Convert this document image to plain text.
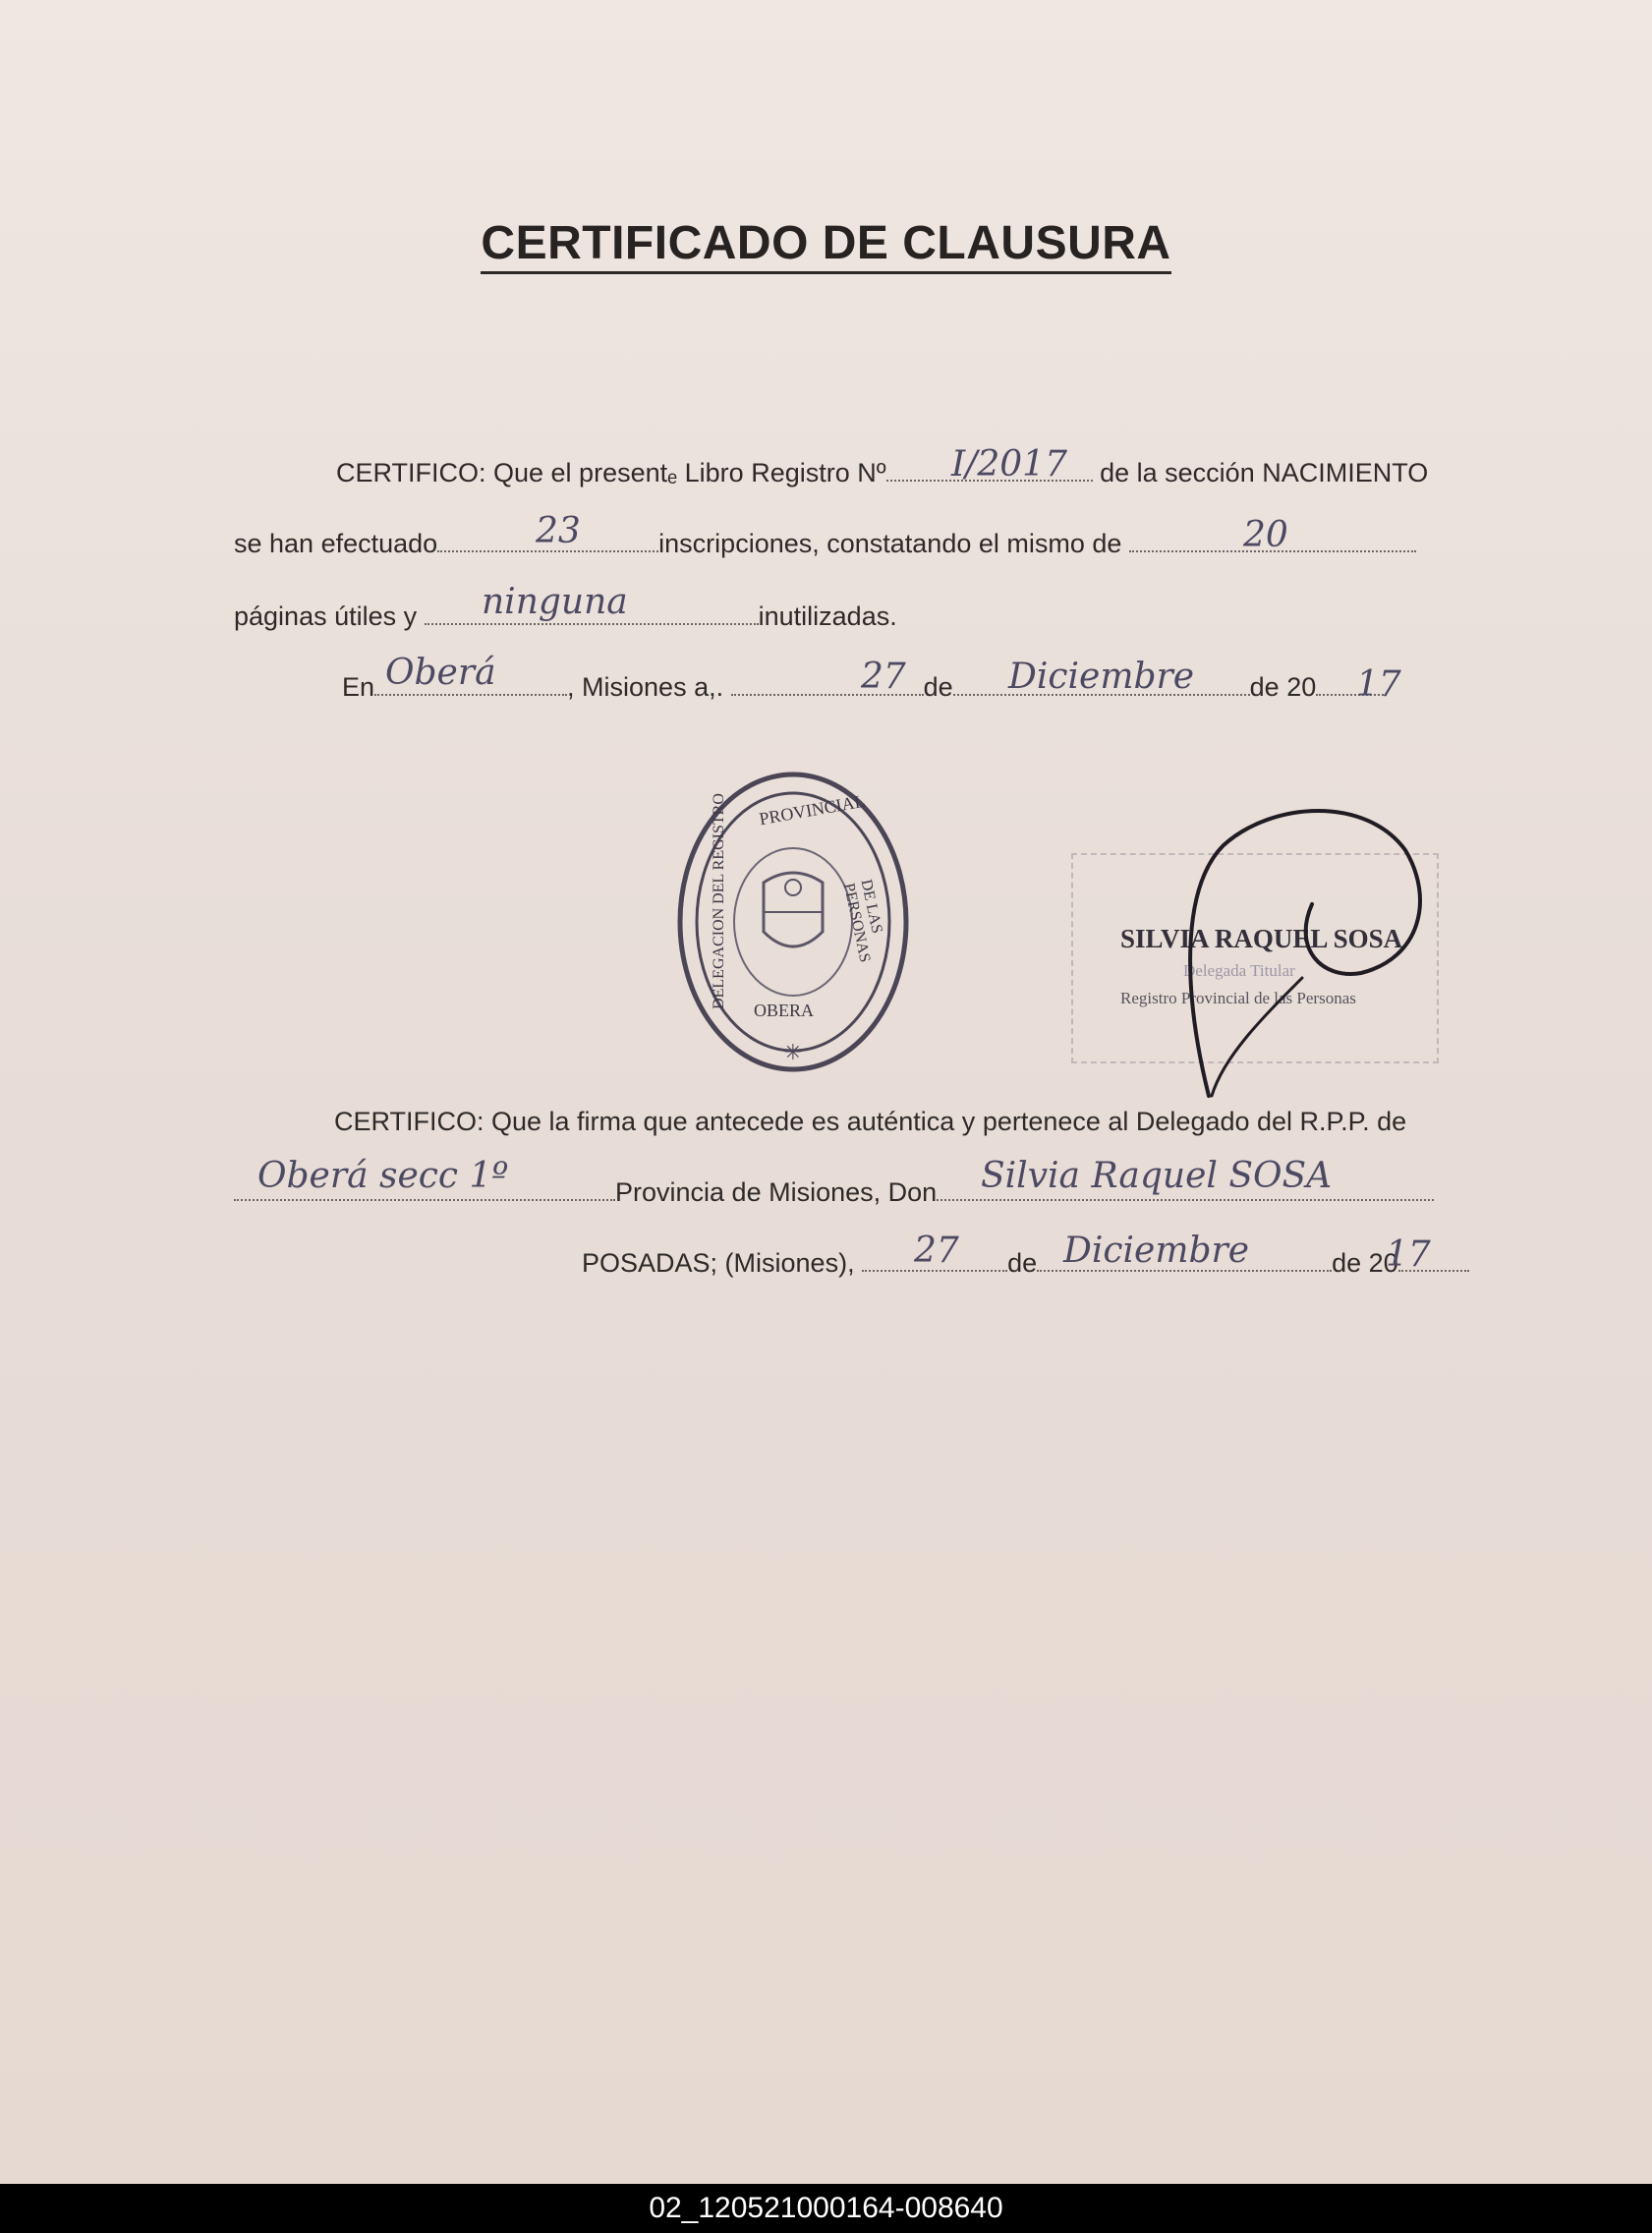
CERTIFICADO DE CLAUSURA
CERTIFICO: Que el presentₑ Libro Registro Nº	de la sección NACIMIENTO
I/2017
se han efectuado	inscripciones, constatando el mismo de
23	20
páginas útiles y	inutilizadas.
ninguna
En	, Misiones a,.	de	de 20
Oberá	27	Diciembre	17
✳
PROVINCIAL
DELEGACION DEL REGISTRO	DE LAS PERSONAS
OBERA
SILVIA RAQUEL SOSA
Delegada Titular
Registro Provincial de las Personas
CERTIFICO: Que la firma que antecede es auténtica y pertenece al Delegado del R.P.P. de
Provincia de Misiones, Don
Oberá secc 1º	Silvia Raquel SOSA
POSADAS; (Misiones),	de	de 20
27	Diciembre	17
02_120521000164-008640
